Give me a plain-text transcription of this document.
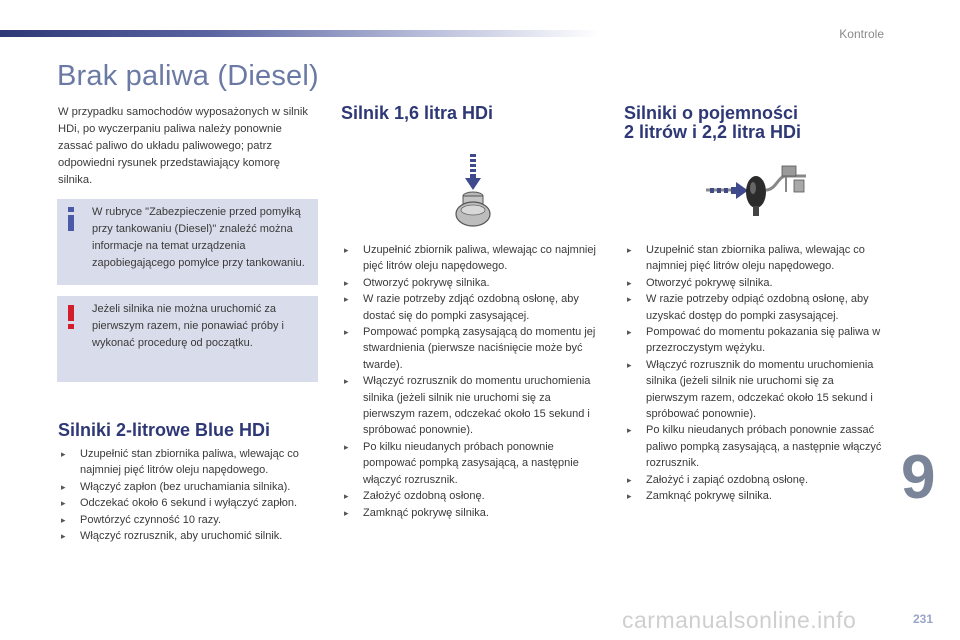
Kontrole
Brak paliwa (Diesel)

W przypadku samochodów wyposażonych w silnik HDi, po wyczerpaniu paliwa należy ponownie zassać paliwo do układu paliwowego; patrz odpowiedni rysunek przedstawiający komorę silnika.

W rubryce "Zabezpieczenie przed pomyłką przy tankowaniu (Diesel)" znaleźć można informacje na temat urządzenia zapobiegającego pomyłce przy tankowaniu.

Jeżeli silnika nie można uruchomić za pierwszym razem, nie ponawiać próby i wykonać procedurę od początku.

Silniki 2-litrowe Blue HDi
▸ Uzupełnić stan zbiornika paliwa, wlewając co najmniej pięć litrów oleju napędowego.
▸ Włączyć zapłon (bez uruchamiania silnika).
▸ Odczekać około 6 sekund i wyłączyć zapłon.
▸ Powtórzyć czynność 10 razy.
▸ Włączyć rozrusznik, aby uruchomić silnik.
Silnik 1,6 litra HDi
▸ Uzupełnić zbiornik paliwa, wlewając co najmniej pięć litrów oleju napędowego.
▸ Otworzyć pokrywę silnika.
▸ W razie potrzeby zdjąć ozdobną osłonę, aby dostać się do pompki zasysającej.
▸ Pompować pompką zasysającą do momentu jej stwardnienia (pierwsze naciśnięcie może być twarde).
▸ Włączyć rozrusznik do momentu uruchomienia silnika (jeżeli silnik nie uruchomi się za pierwszym razem, odczekać około 15 sekund i spróbować ponownie).
▸ Po kilku nieudanych próbach ponownie pompować pompką zasysającą, a następnie włączyć rozrusznik.
▸ Założyć ozdobną osłonę.
▸ Zamknąć pokrywę silnika.
Silniki o pojemności
2 litrów i 2,2 litra HDi
▸ Uzupełnić stan zbiornika paliwa, wlewając co najmniej pięć litrów oleju napędowego.
▸ Otworzyć pokrywę silnika.
▸ W razie potrzeby odpiąć ozdobną osłonę, aby uzyskać dostęp do pompki zasysającej.
▸ Pompować do momentu pokazania się paliwa w przezroczystym wężyku.
▸ Włączyć rozrusznik do momentu uruchomienia silnika (jeżeli silnik nie uruchomi się za pierwszym razem, odczekać około 15 sekund i spróbować ponownie).
▸ Po kilku nieudanych próbach ponownie zassać paliwo pompką zasysającą, a następnie włączyć rozrusznik.
▸ Założyć i zapiąć ozdobną osłonę.
▸ Zamknąć pokrywę silnika.	9
carmanualsonline.info	231
